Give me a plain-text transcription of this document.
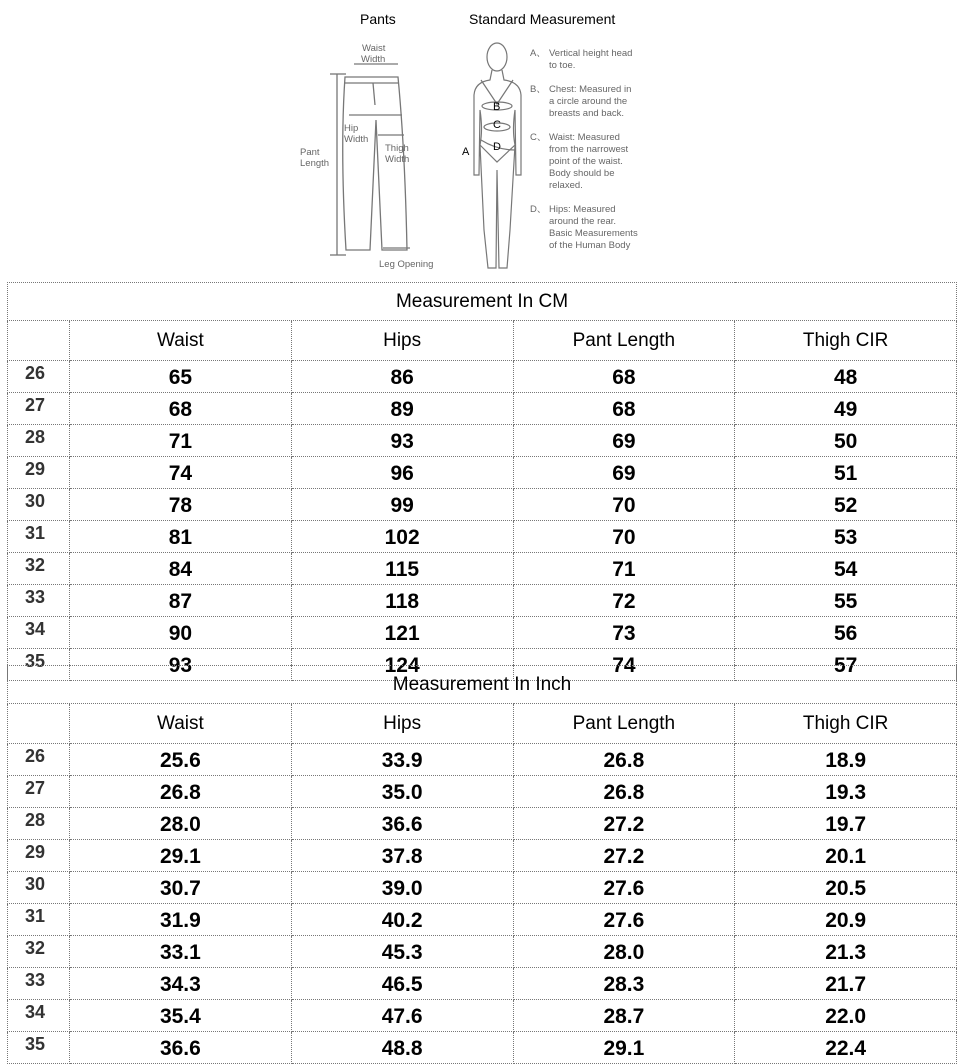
Pants	Standard Measurement
Waist
Width
Hip
Width
Pant
Length
Thigh
Width
Leg Opening
A
B
C
D
A、 Vertical height head
to toe.
B、 Chest: Measured in
a circle around the
breasts and back.
C、 Waist: Measured
from the narrowest
point of the waist.
Body should be
relaxed.
D、 Hips: Measured
around the rear.
Basic Measurements
of the Human Body
Measurement In CM				
	Waist	Hips	Pant Length	Thigh CIR
26	65	86	68	48
27	68	89	68	49
28	71	93	69	50
29	74	96	69	51
30	78	99	70	52
31	81	102	70	53
32	84	115	71	54
33	87	118	72	55
34	90	121	73	56
35	93	124	74	57
Measurement In Inch				
	Waist	Hips	Pant Length	Thigh CIR
26	25.6	33.9	26.8	18.9
27	26.8	35.0	26.8	19.3
28	28.0	36.6	27.2	19.7
29	29.1	37.8	27.2	20.1
30	30.7	39.0	27.6	20.5
31	31.9	40.2	27.6	20.9
32	33.1	45.3	28.0	21.3
33	34.3	46.5	28.3	21.7
34	35.4	47.6	28.7	22.0
35	36.6	48.8	29.1	22.4
